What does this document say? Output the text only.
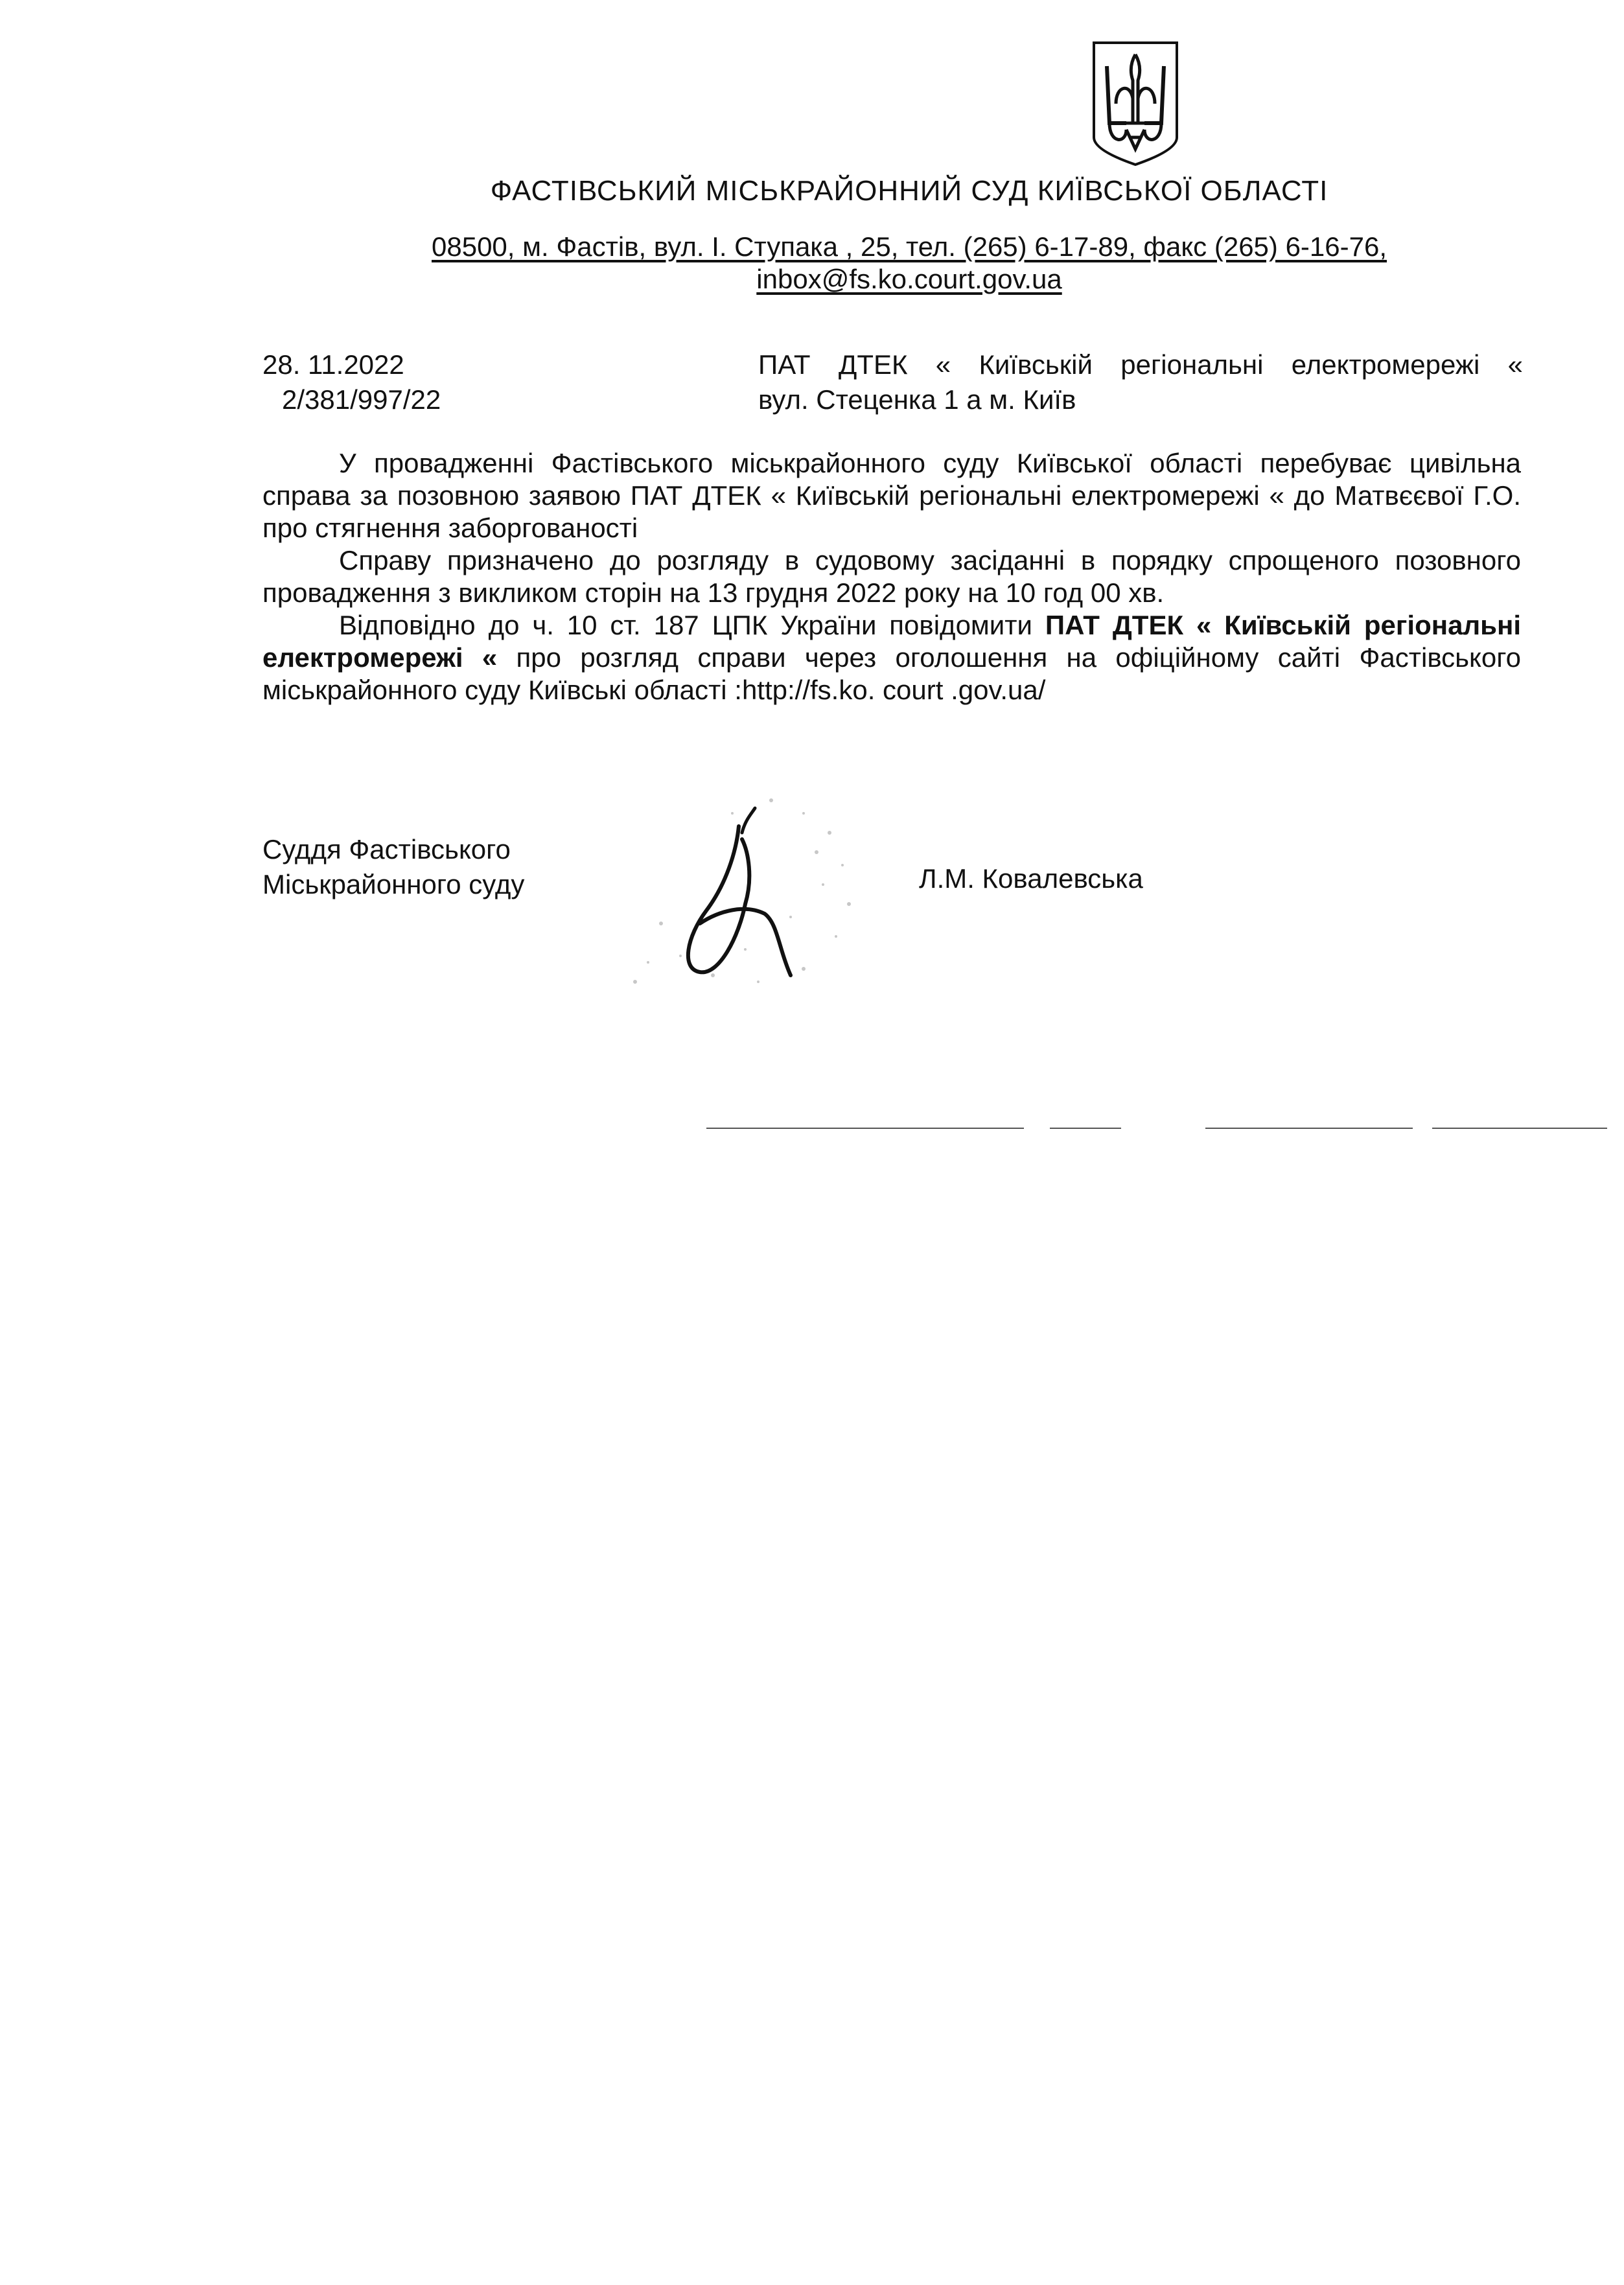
ФАСТІВСЬКИЙ МІСЬКРАЙОННИЙ СУД КИЇВСЬКОЇ ОБЛАСТІ
08500, м. Фастів, вул. І. Ступака , 25, тел. (265) 6-17-89, факс (265) 6-16-76,
inbox@fs.ko.court.gov.ua
28. 11.2022
2/381/997/22
ПАТ ДТЕК « Київській регіональні електромережі «
вул. Стеценка 1 а м. Київ

У провадженні Фастівського міськрайонного суду Київської області перебуває цивільна справа за позовною заявою ПАТ ДТЕК « Київській регіональні електромережі « до Матвєєвої Г.О. про стягнення заборгованості

Справу призначено до розгляду в судовому засіданні в порядку спрощеного позовного провадження з викликом сторін на 13 грудня 2022 року на 10 год 00 хв.

Відповідно до ч. 10 ст. 187 ЦПК України повідомити ПАТ ДТЕК « Київській регіональні електромережі « про розгляд справи через оголошення на офіційному сайті Фастівського міськрайонного суду Київські області :http://fs.ko. court .gov.ua/

Суддя Фастівського
Міськрайонного суду	Л.М. Ковалевська
